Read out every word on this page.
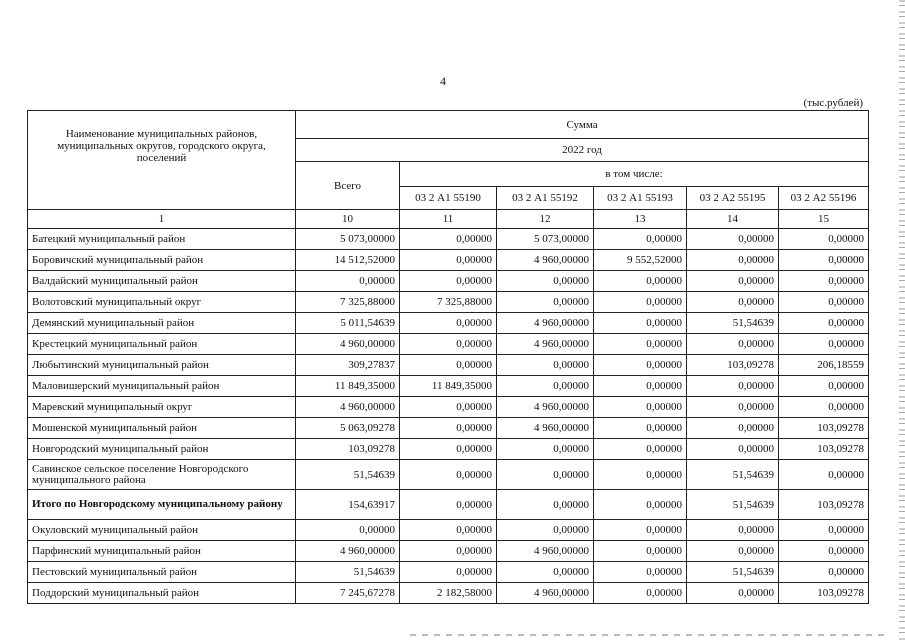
4
(тыс.рублей)
Наименование муниципальных районов, муниципальных округов, городского округа, поселений	Сумма					
	2022 год					
	Всего	в том числе:				
		03 2 А1 55190	03 2 А1 55192	03 2 А1 55193	03 2 А2 55195	03 2 А2 55196
1	10	11	12	13	14	15
Батецкий муниципальный район	5 073,00000	0,00000	5 073,00000	0,00000	0,00000	0,00000
Боровичский муниципальный район	14 512,52000	0,00000	4 960,00000	9 552,52000	0,00000	0,00000
Валдайский муниципальный район	0,00000	0,00000	0,00000	0,00000	0,00000	0,00000
Волотовский муниципальный округ	7 325,88000	7 325,88000	0,00000	0,00000	0,00000	0,00000
Демянский муниципальный район	5 011,54639	0,00000	4 960,00000	0,00000	51,54639	0,00000
Крестецкий муниципальный район	4 960,00000	0,00000	4 960,00000	0,00000	0,00000	0,00000
Любытинский муниципальный район	309,27837	0,00000	0,00000	0,00000	103,09278	206,18559
Маловишерский муниципальный район	11 849,35000	11 849,35000	0,00000	0,00000	0,00000	0,00000
Маревский муниципальный округ	4 960,00000	0,00000	4 960,00000	0,00000	0,00000	0,00000
Мошенской муниципальный район	5 063,09278	0,00000	4 960,00000	0,00000	0,00000	103,09278
Новгородский муниципальный район	103,09278	0,00000	0,00000	0,00000	0,00000	103,09278
Савинское сельское поселение Новгородского муниципального района	51,54639	0,00000	0,00000	0,00000	51,54639	0,00000
Итого по Новгородскому муниципальному району	154,63917	0,00000	0,00000	0,00000	51,54639	103,09278
Окуловский муниципальный район	0,00000	0,00000	0,00000	0,00000	0,00000	0,00000
Парфинский муниципальный район	4 960,00000	0,00000	4 960,00000	0,00000	0,00000	0,00000
Пестовский муниципальный район	51,54639	0,00000	0,00000	0,00000	51,54639	0,00000
Поддорский муниципальный район	7 245,67278	2 182,58000	4 960,00000	0,00000	0,00000	103,09278
